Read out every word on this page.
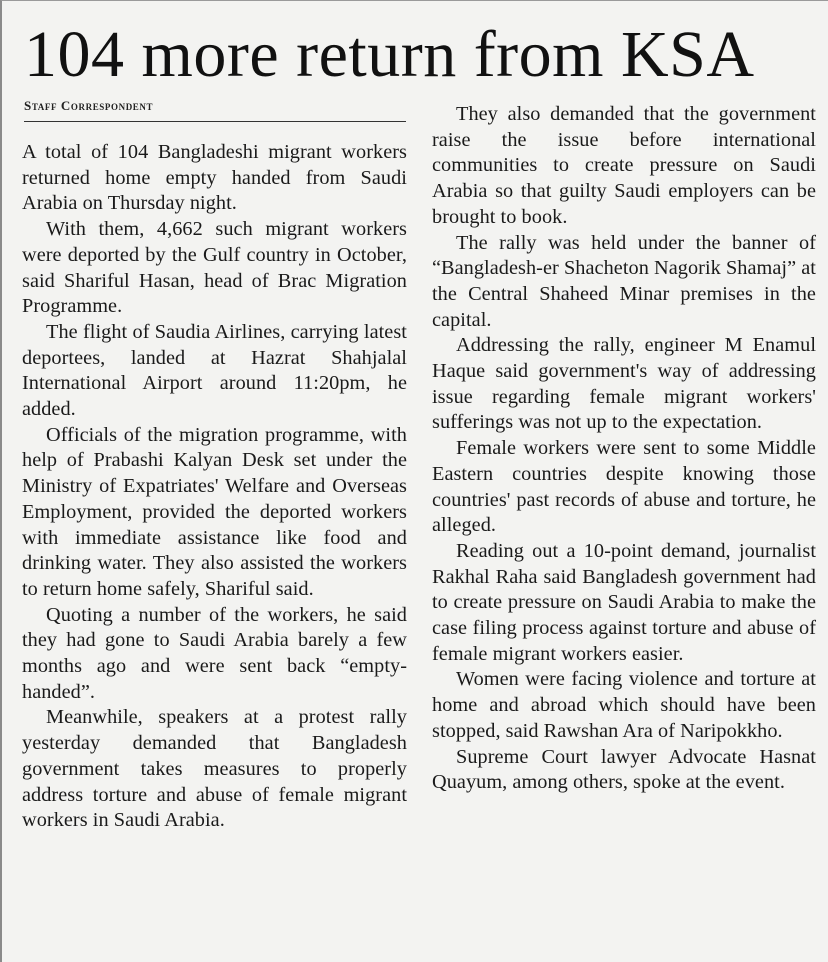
104 more return from KSA
Staff Correspondent

A total of 104 Bangladeshi migrant workers returned home empty handed from Saudi Arabia on Thursday night.

With them, 4,662 such migrant workers were deported by the Gulf country in October, said Shariful Hasan, head of Brac Migration Programme.

The flight of Saudia Airlines, carrying latest deportees, landed at Hazrat Shahjalal International Airport around 11:20pm, he added.

Officials of the migration programme, with help of Prabashi Kalyan Desk set under the Ministry of Expatriates' Welfare and Overseas Employment, provided the deported workers with immediate assistance like food and drinking water. They also assisted the workers to return home safely, Shariful said.

Quoting a number of the workers, he said they had gone to Saudi Arabia barely a few months ago and were sent back “empty-handed”.

Meanwhile, speakers at a protest rally yesterday demanded that Bangladesh government takes measures to properly address torture and abuse of female migrant workers in Saudi Arabia.

They also demanded that the government raise the issue before international communities to create pressure on Saudi Arabia so that guilty Saudi employers can be brought to book.

The rally was held under the banner of “Bangladesh-er Shacheton Nagorik Shamaj” at the Central Shaheed Minar premises in the capital.

Addressing the rally, engineer M Enamul Haque said government's way of addressing issue regarding female migrant workers' sufferings was not up to the expectation.

Female workers were sent to some Middle Eastern countries despite knowing those countries' past records of abuse and torture, he alleged.

Reading out a 10-point demand, journalist Rakhal Raha said Bangladesh government had to create pressure on Saudi Arabia to make the case filing process against torture and abuse of female migrant workers easier.

Women were facing violence and torture at home and abroad which should have been stopped, said Rawshan Ara of Naripokkho.

Supreme Court lawyer Advocate Hasnat Quayum, among others, spoke at the event.
